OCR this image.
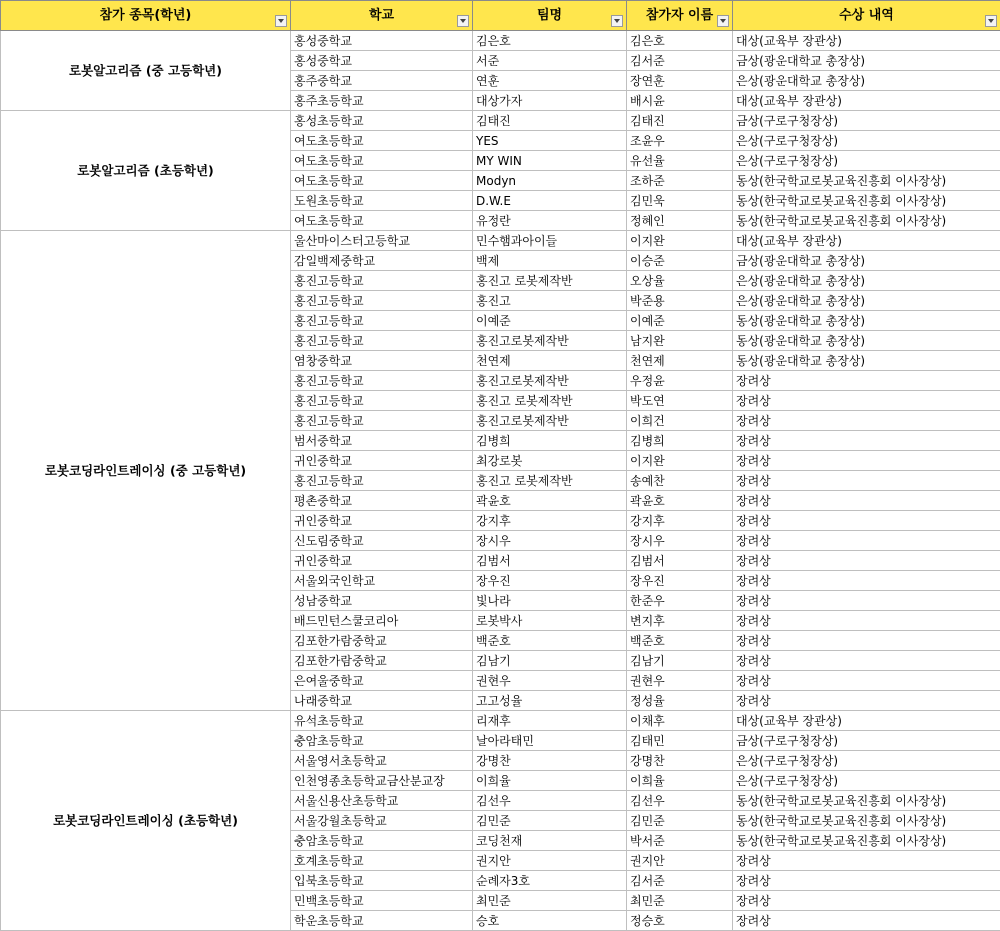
참가 종목(학년)	학교	팀명	참가자 이름	수상 내역

로봇알고리즘 (중 고등학년)	홍성중학교	김은호	김은호	대상(교육부 장관상)
	홍성중학교	서준	김서준	금상(광운대학교 총장상)
	홍주중학교	연훈	장연훈	은상(광운대학교 총장상)
	홍주초등학교	대상가자	배시윤	대상(교육부 장관상)
로봇알고리즘 (초등학년)	홍성초등학교	김태진	김태진	금상(구로구청장상)
	여도초등학교	YES	조윤우	은상(구로구청장상)
	여도초등학교	MY WIN	유선율	은상(구로구청장상)
	여도초등학교	Modyn	조하준	동상(한국학교로봇교육진흥회 이사장상)
	도원초등학교	D.W.E	김민욱	동상(한국학교로봇교육진흥회 이사장상)
	여도초등학교	유정란	정혜인	동상(한국학교로봇교육진흥회 이사장상)
로봇코딩라인트레이싱 (중 고등학년)	울산마이스터고등학교	민수햄과아이들	이지완	대상(교육부 장관상)
	감일백제중학교	백제	이승준	금상(광운대학교 총장상)
	홍진고등학교	홍진고 로봇제작반	오상율	은상(광운대학교 총장상)
	홍진고등학교	홍진고	박준용	은상(광운대학교 총장상)
	홍진고등학교	이예준	이예준	동상(광운대학교 총장상)
	홍진고등학교	홍진고로봇제작반	남지완	동상(광운대학교 총장상)
	염창중학교	천연제	천연제	동상(광운대학교 총장상)
	홍진고등학교	홍진고로봇제작반	우정윤	장려상
	홍진고등학교	홍진고 로봇제작반	박도연	장려상
	홍진고등학교	홍진고로봇제작반	이희건	장려상
	범서중학교	김병희	김병희	장려상
	귀인중학교	최강로봇	이지완	장려상
	홍진고등학교	홍진고 로봇제작반	송예찬	장려상
	평촌중학교	곽윤호	곽윤호	장려상
	귀인중학교	강지후	강지후	장려상
	신도림중학교	장시우	장시우	장려상
	귀인중학교	김범서	김범서	장려상
	서울외국인학교	장우진	장우진	장려상
	성남중학교	빛나라	한준우	장려상
	배드민턴스쿨코리아	로봇박사	변지후	장려상
	김포한가람중학교	백준호	백준호	장려상
	김포한가람중학교	김남기	김남기	장려상
	은여울중학교	권현우	권현우	장려상
	나래중학교	고고성율	정성율	장려상
로봇코딩라인트레이싱 (초등학년)	유석초등학교	리재후	이채후	대상(교육부 장관상)
	충암초등학교	날아라태민	김태민	금상(구로구청장상)
	서울영서초등학교	강명찬	강명찬	은상(구로구청장상)
	인천영종초등학교금산분교장	이희율	이희율	은상(구로구청장상)
	서울신용산초등학교	김선우	김선우	동상(한국학교로봇교육진흥회 이사장상)
	서울강월초등학교	김민준	김민준	동상(한국학교로봇교육진흥회 이사장상)
	충암초등학교	코딩천재	박서준	동상(한국학교로봇교육진흥회 이사장상)
	호계초등학교	권지안	권지안	장려상
	입북초등학교	순례자3호	김서준	장려상
	민백초등학교	최민준	최민준	장려상
	학운초등학교	승호	정승호	장려상
